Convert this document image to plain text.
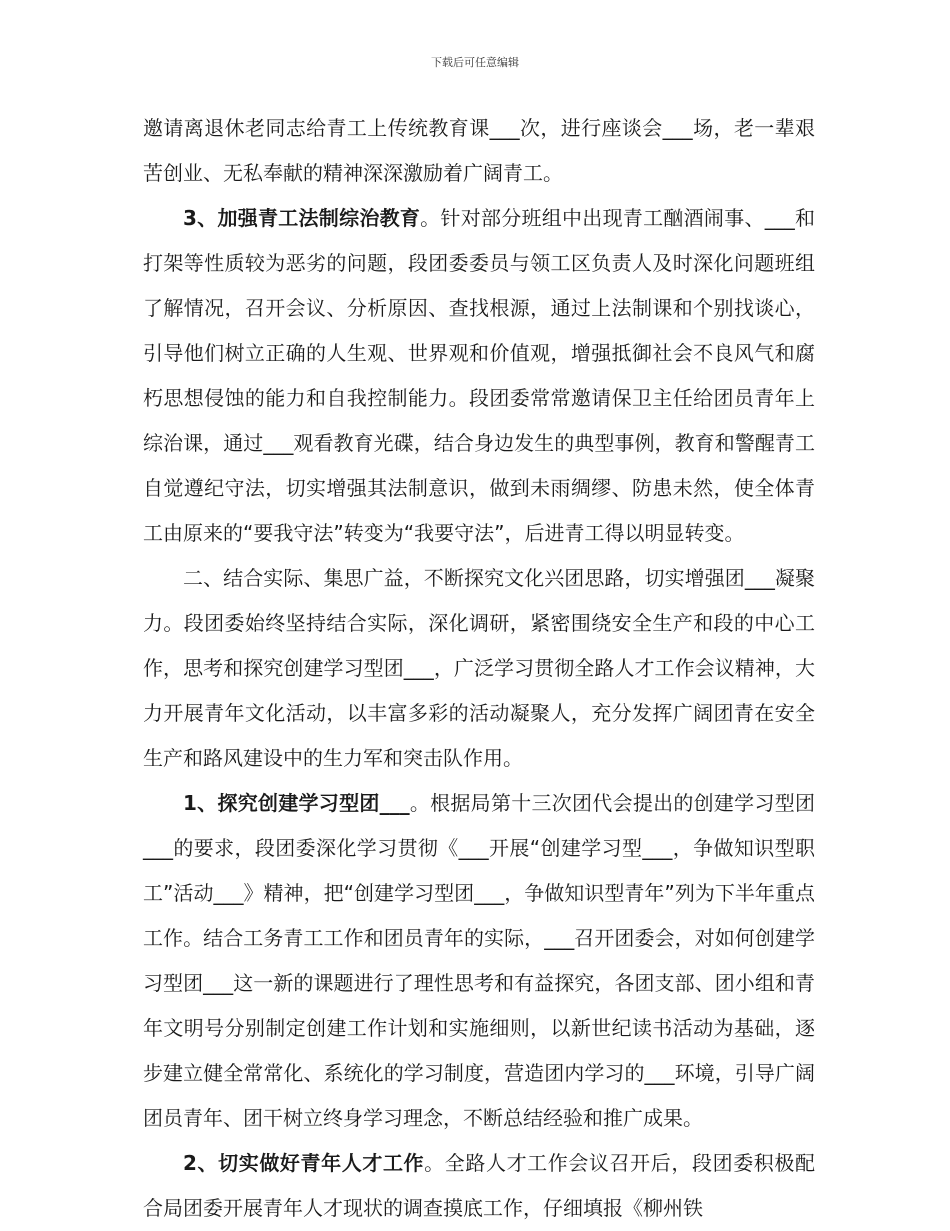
下载后可任意编辑

邀请离退休老同志给青工上传统教育课___次，进行座谈会___场，老一辈艰苦创业、无私奉献的精神深深激励着广阔青工。

3、加强青工法制综治教育。针对部分班组中出现青工酗酒闹事、___和打架等性质较为恶劣的问题，段团委委员与领工区负责人及时深化问题班组了解情况，召开会议、分析原因、查找根源，通过上法制课和个别找谈心，引导他们树立正确的人生观、世界观和价值观，增强抵御社会不良风气和腐朽思想侵蚀的能力和自我控制能力。段团委常常邀请保卫主任给团员青年上综治课，通过___观看教育光碟，结合身边发生的典型事例，教育和警醒青工自觉遵纪守法，切实增强其法制意识，做到未雨绸缪、防患未然，使全体青工由原来的“要我守法”转变为“我要守法”，后进青工得以明显转变。

二、结合实际、集思广益，不断探究文化兴团思路，切实增强团___凝聚力。段团委始终坚持结合实际，深化调研，紧密围绕安全生产和段的中心工作，思考和探究创建学习型团___，广泛学习贯彻全路人才工作会议精神，大力开展青年文化活动，以丰富多彩的活动凝聚人，充分发挥广阔团青在安全生产和路风建设中的生力军和突击队作用。

1、探究创建学习型团___。根据局第十三次团代会提出的创建学习型团___的要求，段团委深化学习贯彻《___开展“创建学习型___，争做知识型职工”活动___》精神，把“创建学习型团___，争做知识型青年”列为下半年重点工作。结合工务青工工作和团员青年的实际，___召开团委会，对如何创建学习型团___这一新的课题进行了理性思考和有益探究，各团支部、团小组和青年文明号分别制定创建工作计划和实施细则，以新世纪读书活动为基础，逐步建立健全常常化、系统化的学习制度，营造团内学习的___环境，引导广阔团员青年、团干树立终身学习理念，不断总结经验和推广成果。

2、切实做好青年人才工作。全路人才工作会议召开后，段团委积极配合局团委开展青年人才现状的调查摸底工作，仔细填报《柳州铁
